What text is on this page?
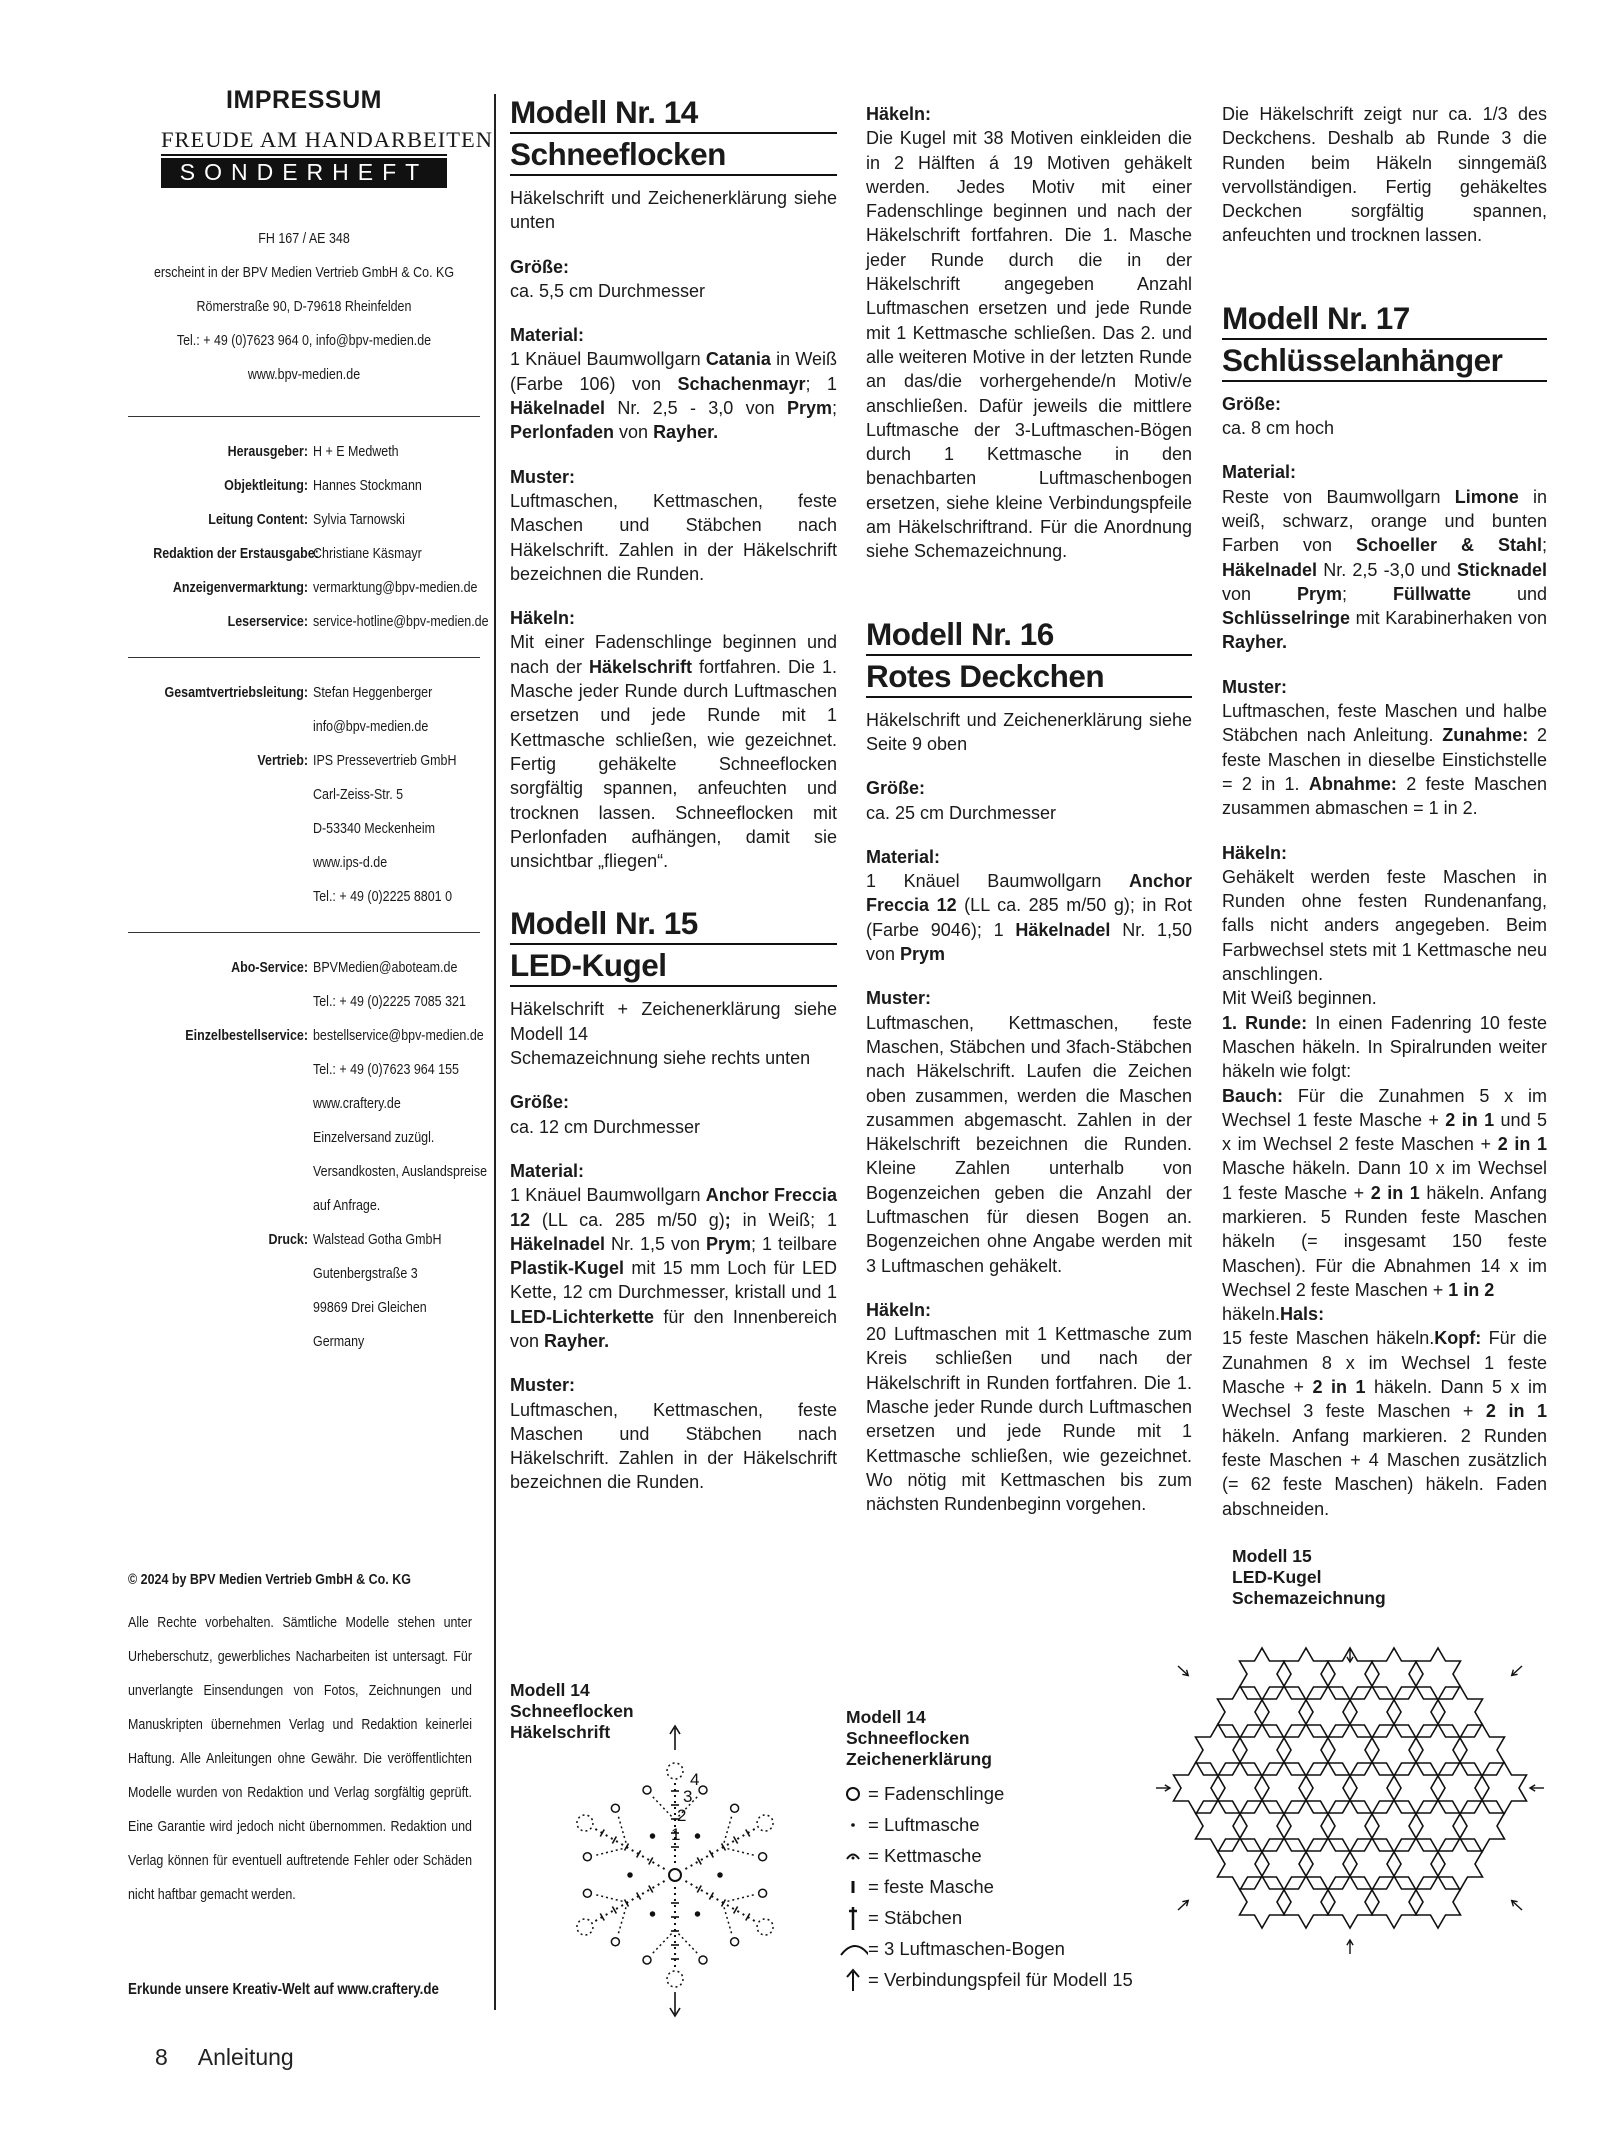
IMPRESSUM
FREUDE AM HANDARBEITEN
SONDERHEFT
FH 167 / AE 348
erscheint in der BPV Medien Vertrieb GmbH & Co. KG
Römerstraße 90, D-79618 Rheinfelden
Tel.: + 49 (0)7623 964 0, info@bpv-medien.de
www.bpv-medien.de
Herausgeber: H + E Medweth
Objektleitung: Hannes Stockmann
Leitung Content: Sylvia Tarnowski
Redaktion der Erstausgabe:
Christiane Käsmayr
Anzeigenvermarktung: vermarktung@bpv-medien.de
Leserservice: service-hotline@bpv-medien.de
Gesamtvertriebsleitung: Stefan Heggenberger
info@bpv-medien.de
Vertrieb: IPS Pressevertrieb GmbH
Carl-Zeiss-Str. 5
D-53340 Meckenheim
www.ips-d.de
Tel.: + 49 (0)2225 8801 0
Abo-Service: BPVMedien@aboteam.de
Tel.: + 49 (0)2225 7085 321
Einzelbestellservice: bestellservice@bpv-medien.de
Tel.: + 49 (0)7623 964 155
www.craftery.de
Einzelversand zuzügl.
Versandkosten, Auslandspreise
auf Anfrage.
Druck: Walstead Gotha GmbH
Gutenbergstraße 3
99869 Drei Gleichen
Germany
© 2024 by BPV Medien Vertrieb GmbH & Co. KG
Alle Rechte vorbehalten. Sämtliche Modelle stehen unter Urheberschutz, gewerbliches Nacharbeiten ist untersagt. Für unverlangte Einsendungen von Fotos, Zeichnungen und Manuskripten übernehmen Verlag und Redaktion keinerlei Haftung. Alle Anleitungen ohne Gewähr. Die veröffentlichten Modelle wurden von Redaktion und Verlag sorgfältig geprüft. Eine Garantie wird jedoch nicht übernommen. Redaktion und Verlag können für eventuell auftretende Fehler oder Schäden nicht haftbar gemacht werden.
Erkunde unsere Kreativ-Welt auf www.craftery.de
8 Anleitung
Modell Nr. 14
Schneeflocken

Häkelschrift und Zeichenerklärung siehe unten

Größe:
ca. 5,5 cm Durchmesser

Material:
1 Knäuel Baumwollgarn Catania in Weiß (Farbe 106) von Schachenmayr; 1 Häkelnadel Nr. 2,5 - 3,0 von Prym; Perlonfaden von Rayher.

Muster:
Luftmaschen, Kettmaschen, feste Maschen und Stäbchen nach Häkelschrift. Zahlen in der Häkelschrift bezeichnen die Runden.

Häkeln:
Mit einer Fadenschlinge beginnen und nach der Häkelschrift fortfahren. Die 1. Masche jeder Runde durch Luftmaschen ersetzen und jede Runde mit 1 Kettmasche schließen, wie gezeichnet. Fertig gehäkelte Schneeflocken sorgfältig spannen, anfeuchten und trocknen lassen. Schneeflocken mit Perlonfaden aufhängen, damit sie unsichtbar „fliegen“.

Modell Nr. 15
LED-Kugel

Häkelschrift + Zeichenerklärung siehe Modell 14
Schemazeichnung siehe rechts unten

Größe:
ca. 12 cm Durchmesser

Material:
1 Knäuel Baumwollgarn Anchor Freccia 12 (LL ca. 285 m/50 g); in Weiß; 1 Häkelnadel Nr. 1,5 von Prym; 1 teilbare Plastik-Kugel mit 15 mm Loch für LED Kette, 12 cm Durchmesser, kristall und 1 LED-Lichterkette für den Innenbereich von Rayher.

Muster:
Luftmaschen, Kettmaschen, feste Maschen und Stäbchen nach Häkelschrift. Zahlen in der Häkelschrift bezeichnen die Runden.

Häkeln:
Die Kugel mit 38 Motiven einkleiden die in 2 Hälften á 19 Motiven gehäkelt werden. Jedes Motiv mit einer Fadenschlinge beginnen und nach der Häkelschrift fortfahren. Die 1. Masche jeder Runde durch die in der Häkelschrift angegeben Anzahl Luftmaschen ersetzen und jede Runde mit 1 Kettmasche schließen. Das 2. und alle weiteren Motive in der letzten Runde an das/die vorhergehende/n Motiv/e anschließen. Dafür jeweils die mittlere Luftmasche der 3-Luftmaschen-Bögen durch 1 Kettmasche in den benachbarten Luftmaschenbogen ersetzen, siehe kleine Verbindungspfeile am Häkelschriftrand. Für die Anordnung siehe Schemazeichnung.

Modell Nr. 16
Rotes Deckchen

Häkelschrift und Zeichenerklärung siehe Seite 9 oben

Größe:
ca. 25 cm Durchmesser

Material:
1 Knäuel Baumwollgarn Anchor Freccia 12 (LL ca. 285 m/50 g); in Rot (Farbe 9046); 1 Häkelnadel Nr. 1,50 von Prym

Muster:
Luftmaschen, Kettmaschen, feste Maschen, Stäbchen und 3fach-Stäbchen nach Häkelschrift. Laufen die Zeichen oben zusammen, werden die Maschen zusammen abgemascht. Zahlen in der Häkelschrift bezeichnen die Runden. Kleine Zahlen unterhalb von Bogenzeichen geben die Anzahl der Luftmaschen für diesen Bogen an. Bogenzeichen ohne Angabe werden mit 3 Luftmaschen gehäkelt.

Häkeln:
20 Luftmaschen mit 1 Kettmasche zum Kreis schließen und nach der Häkelschrift in Runden fortfahren. Die 1. Masche jeder Runde durch Luftmaschen ersetzen und jede Runde mit 1 Kettmasche schließen, wie gezeichnet. Wo nötig mit Kettmaschen bis zum nächsten Rundenbeginn vorgehen.

Die Häkelschrift zeigt nur ca. 1/3 des Deckchens. Deshalb ab Runde 3 die Runden beim Häkeln sinngemäß vervollständigen. Fertig gehäkeltes Deckchen sorgfältig spannen, anfeuchten und trocknen lassen.

Modell Nr. 17
Schlüsselanhänger

Größe:
ca. 8 cm hoch

Material:
Reste von Baumwollgarn Limone in weiß, schwarz, orange und bunten Farben von Schoeller & Stahl; Häkelnadel Nr. 2,5 -3,0 und Sticknadel von Prym; Füllwatte und Schlüsselringe mit Karabinerhaken von Rayher.

Muster:
Luftmaschen, feste Maschen und halbe Stäbchen nach Anleitung. Zunahme: 2 feste Maschen in dieselbe Einstichstelle = 2 in 1. Abnahme: 2 feste Maschen zusammen abmaschen = 1 in 2.

Häkeln:
Gehäkelt werden feste Maschen in Runden ohne festen Rundenanfang, falls nicht anders angegeben. Beim Farbwechsel stets mit 1 Kettmasche neu anschlingen.
Mit Weiß beginnen.
1. Runde: In einen Fadenring 10 feste Maschen häkeln. In Spiralrunden weiter häkeln wie folgt:
Bauch: Für die Zunahmen 5 x im Wechsel 1 feste Masche + 2 in 1 und 5 x im Wechsel 2 feste Maschen + 2 in 1 Masche häkeln. Dann 10 x im Wechsel 1 feste Masche + 2 in 1 häkeln. Anfang markieren. 5 Runden feste Maschen häkeln (= insgesamt 150 feste Maschen). Für die Abnahmen 14 x im Wechsel 2 feste Maschen + 1 in 2
häkeln.Hals:
15 feste Maschen häkeln.Kopf: Für die Zunahmen 8 x im Wechsel 1 feste Masche + 2 in 1 häkeln. Dann 5 x im Wechsel 3 feste Maschen + 2 in 1 häkeln. Anfang markieren. 2 Runden feste Maschen + 4 Maschen zusätzlich (= 62 feste Maschen) häkeln. Faden abschneiden.

Modell 14
Schneeflocken
Häkelschrift
4
3
2
1
Modell 14
Schneeflocken
Zeichenerklärung
= Fadenschlinge
= Luftmasche
= Kettmasche
= feste Masche
= Stäbchen
= 3 Luftmaschen-Bogen
= Verbindungspfeil für Modell 15
Modell 15
LED-Kugel
Schemazeichnung
